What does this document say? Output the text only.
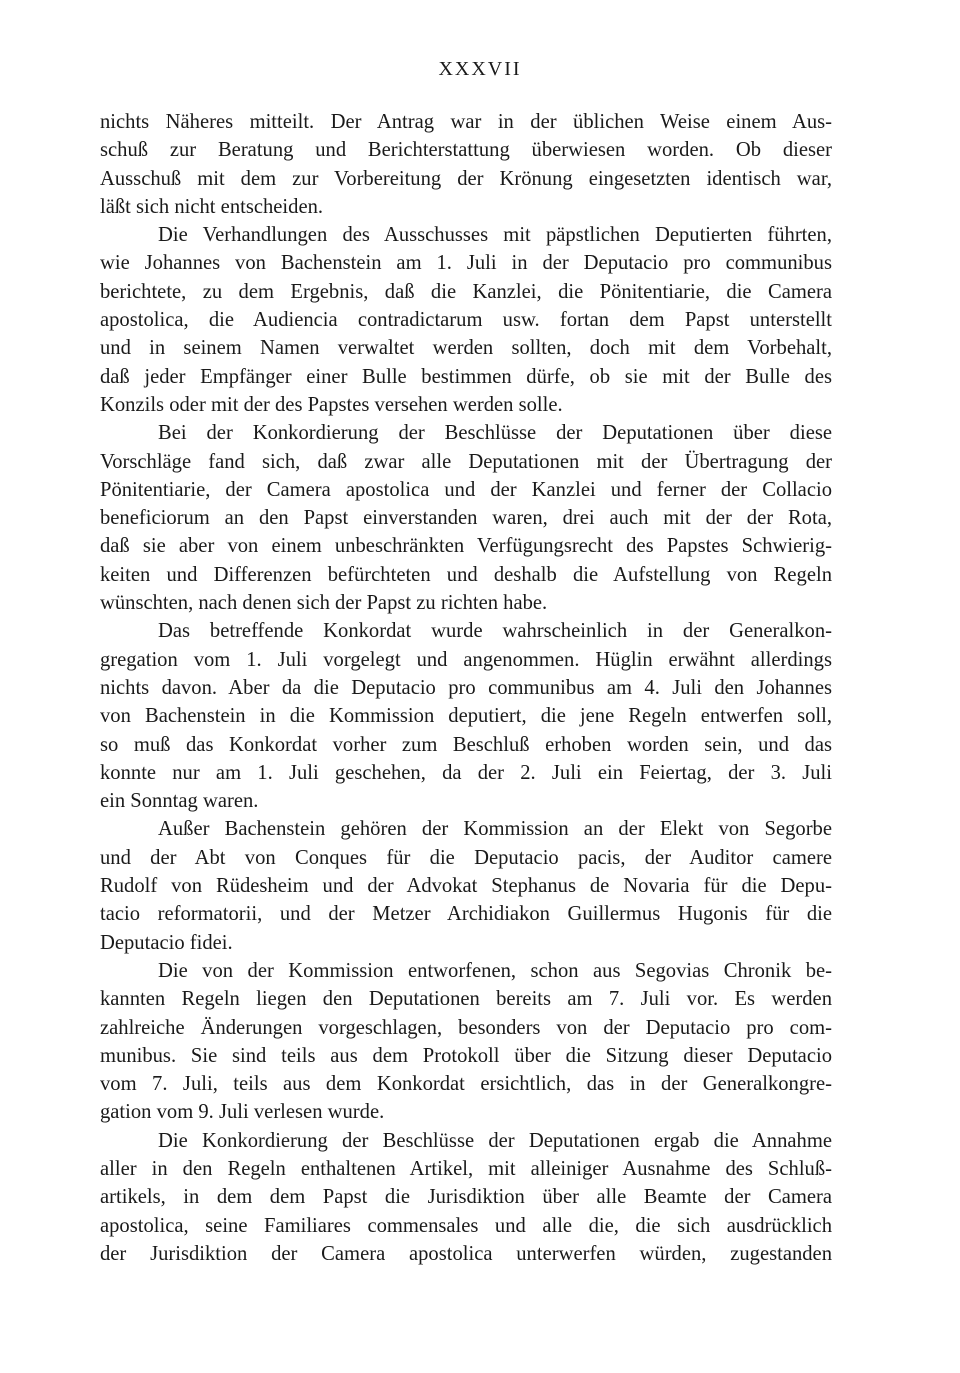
XXXVII
nichts Näheres mitteilt. Der Antrag war in der üblichen Weise einem Aus-
schuß zur Beratung und Berichterstattung überwiesen worden. Ob dieser
Ausschuß mit dem zur Vorbereitung der Krönung eingesetzten identisch war,
läßt sich nicht entscheiden.
Die Verhandlungen des Ausschusses mit päpstlichen Deputierten führten,
wie Johannes von Bachenstein am 1. Juli in der Deputacio pro communibus
berichtete, zu dem Ergebnis, daß die Kanzlei, die Pönitentiarie, die Camera
apostolica, die Audiencia contradictarum usw. fortan dem Papst unterstellt
und in seinem Namen verwaltet werden sollten, doch mit dem Vorbehalt,
daß jeder Empfänger einer Bulle bestimmen dürfe, ob sie mit der Bulle des
Konzils oder mit der des Papstes versehen werden solle.
Bei der Konkordierung der Beschlüsse der Deputationen über diese
Vorschläge fand sich, daß zwar alle Deputationen mit der Übertragung der
Pönitentiarie, der Camera apostolica und der Kanzlei und ferner der Collacio
beneficiorum an den Papst einverstanden waren, drei auch mit der der Rota,
daß sie aber von einem unbeschränkten Verfügungsrecht des Papstes Schwierig-
keiten und Differenzen befürchteten und deshalb die Aufstellung von Regeln
wünschten, nach denen sich der Papst zu richten habe.
Das betreffende Konkordat wurde wahrscheinlich in der Generalkon-
gregation vom 1. Juli vorgelegt und angenommen. Hüglin erwähnt allerdings
nichts davon. Aber da die Deputacio pro communibus am 4. Juli den Johannes
von Bachenstein in die Kommission deputiert, die jene Regeln entwerfen soll,
so muß das Konkordat vorher zum Beschluß erhoben worden sein, und das
konnte nur am 1. Juli geschehen, da der 2. Juli ein Feiertag, der 3. Juli
ein Sonntag waren.
Außer Bachenstein gehören der Kommission an der Elekt von Segorbe
und der Abt von Conques für die Deputacio pacis, der Auditor camere
Rudolf von Rüdesheim und der Advokat Stephanus de Novaria für die Depu-
tacio reformatorii, und der Metzer Archidiakon Guillermus Hugonis für die
Deputacio fidei.
Die von der Kommission entworfenen, schon aus Segovias Chronik be-
kannten Regeln liegen den Deputationen bereits am 7. Juli vor. Es werden
zahlreiche Änderungen vorgeschlagen, besonders von der Deputacio pro com-
munibus. Sie sind teils aus dem Protokoll über die Sitzung dieser Deputacio
vom 7. Juli, teils aus dem Konkordat ersichtlich, das in der Generalkongre-
gation vom 9. Juli verlesen wurde.
Die Konkordierung der Beschlüsse der Deputationen ergab die Annahme
aller in den Regeln enthaltenen Artikel, mit alleiniger Ausnahme des Schluß-
artikels, in dem dem Papst die Jurisdiktion über alle Beamte der Camera
apostolica, seine Familiares commensales und alle die, die sich ausdrücklich
der Jurisdiktion der Camera apostolica unterwerfen würden, zugestanden
